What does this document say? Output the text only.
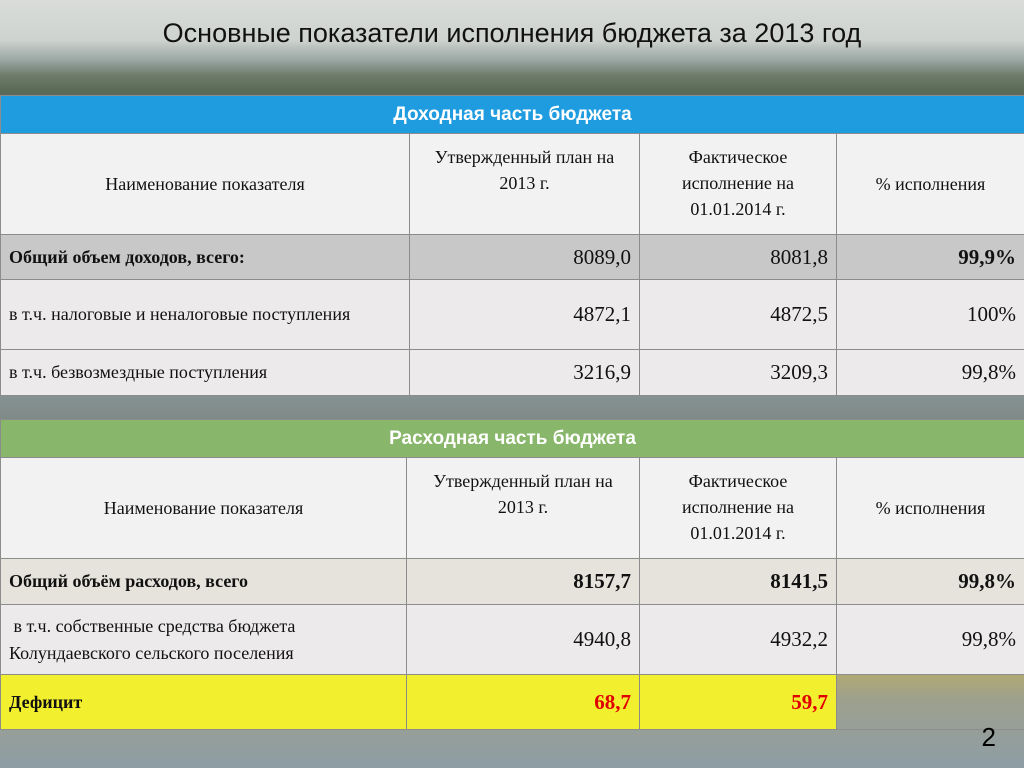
Основные показатели исполнения бюджета за 2013 год
Доходная часть бюджета			
Наименование показателя	Утвержденный план на 2013 г.	Фактическое исполнение на 01.01.2014 г.	% исполнения
Общий объем доходов, всего:	8089,0	8081,8	99,9%
в т.ч. налоговые и неналоговые поступления	4872,1	4872,5	100%
в т.ч. безвозмездные поступления	3216,9	3209,3	99,8%
Расходная часть бюджета			
Наименование показателя	Утвержденный план на 2013 г.	Фактическое исполнение на 01.01.2014 г.	% исполнения
Общий объём расходов, всего	8157,7	8141,5	99,8%
в т.ч. собственные средства бюджета Колундаевского сельского поселения	4940,8	4932,2	99,8%
Дефицит	68,7	59,7	
2
